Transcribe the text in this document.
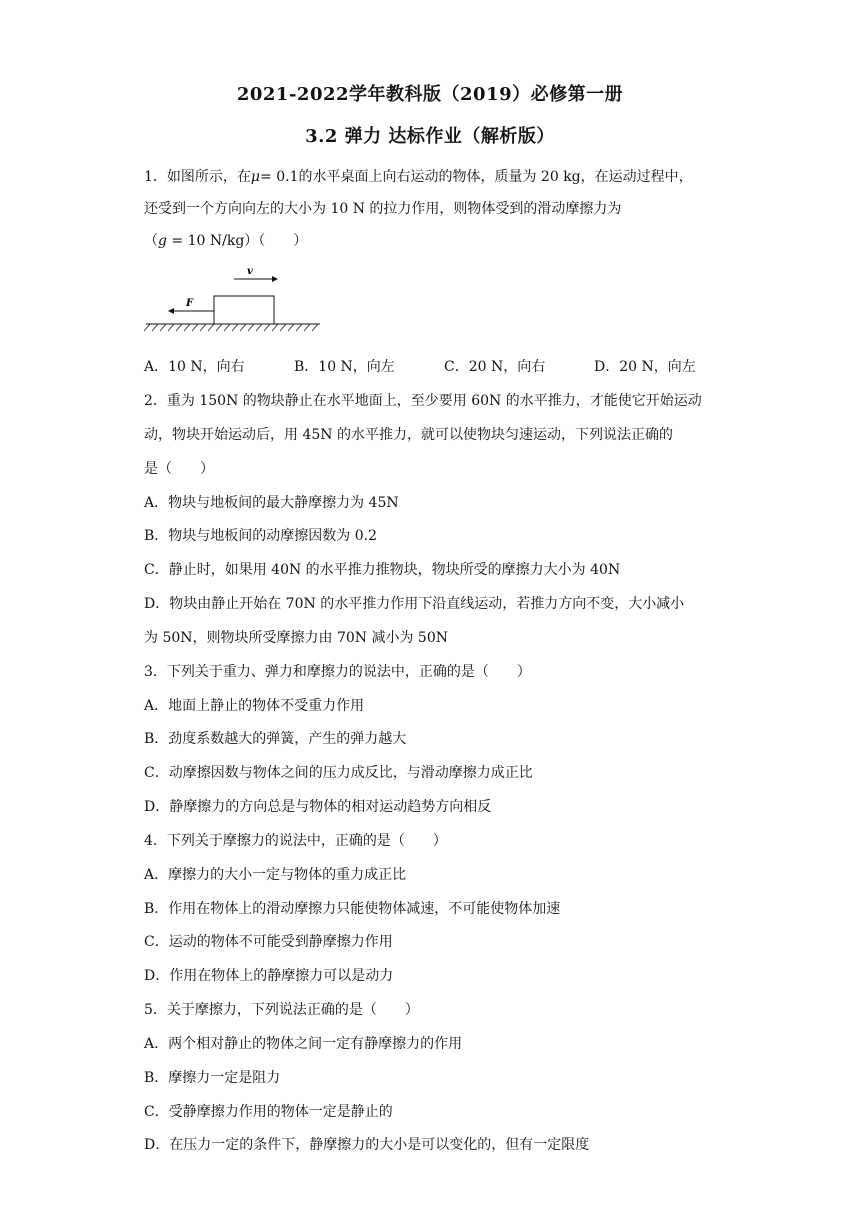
2021-2022学年教科版（2019）必修第一册
3.2 弹力 达标作业（解析版）
1．如图所示，在μ= 0.1的水平桌面上向右运动的物体，质量为 20 kg，在运动过程中，
还受到一个方向向左的大小为 10 N 的拉力作用，则物体受到的滑动摩擦力为
（g = 10 N/kg）（　　）
v
F
A．10 N，向右	B．10 N，向左	C．20 N，向右	D．20 N，向左
2．重为 150N 的物块静止在水平地面上，至少要用 60N 的水平推力，才能使它开始运动
动，物块开始运动后，用 45N 的水平推力，就可以使物块匀速运动，下列说法正确的
是（　　）
A．物块与地板间的最大静摩擦力为 45N
B．物块与地板间的动摩擦因数为 0.2
C．静止时，如果用 40N 的水平推力推物块，物块所受的摩擦力大小为 40N
D．物块由静止开始在 70N 的水平推力作用下沿直线运动，若推力方向不变，大小减小
为 50N，则物块所受摩擦力由 70N 减小为 50N
3．下列关于重力、弹力和摩擦力的说法中，正确的是（　　）
A．地面上静止的物体不受重力作用
B．劲度系数越大的弹簧，产生的弹力越大
C．动摩擦因数与物体之间的压力成反比，与滑动摩擦力成正比
D．静摩擦力的方向总是与物体的相对运动趋势方向相反
4．下列关于摩擦力的说法中，正确的是（　　）
A．摩擦力的大小一定与物体的重力成正比
B．作用在物体上的滑动摩擦力只能使物体减速，不可能使物体加速
C．运动的物体不可能受到静摩擦力作用
D．作用在物体上的静摩擦力可以是动力
5．关于摩擦力，下列说法正确的是（　　）
A．两个相对静止的物体之间一定有静摩擦力的作用
B．摩擦力一定是阻力
C．受静摩擦力作用的物体一定是静止的
D．在压力一定的条件下，静摩擦力的大小是可以变化的，但有一定限度
